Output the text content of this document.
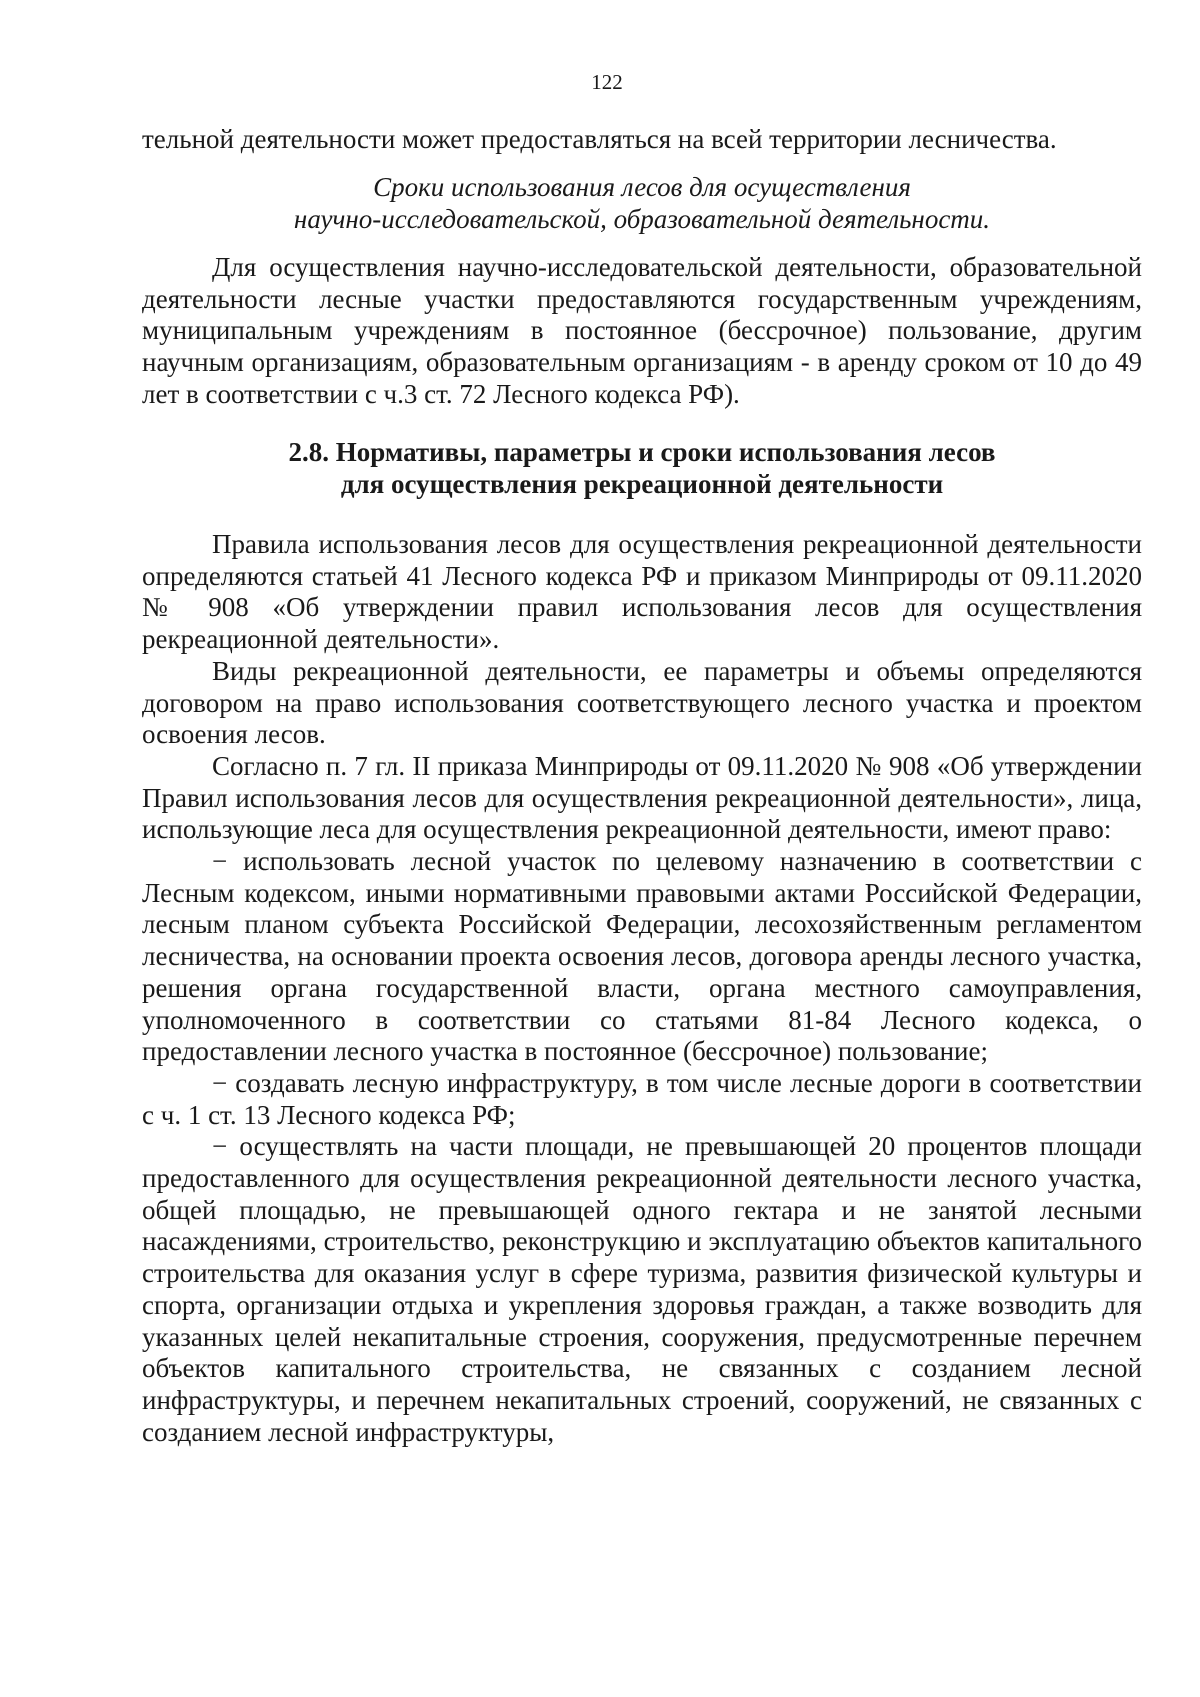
122

тельной деятельности может предоставляться на всей территории лесничества.

Сроки использования лесов для осуществления
научно-исследовательской, образовательной деятельности.

Для осуществления научно-исследовательской деятельности, образовательной деятельности лесные участки предоставляются государственным учреждениям, муниципальным учреждениям в постоянное (бессрочное) пользование, другим научным организациям, образовательным организациям - в аренду сроком от 10 до 49 лет в соответствии с ч.3 ст. 72 Лесного кодекса РФ).

2.8. Нормативы, параметры и сроки использования лесов
для осуществления рекреационной деятельности

Правила использования лесов для осуществления рекреационной деятельности определяются статьей 41 Лесного кодекса РФ и приказом Минприроды от 09.11.2020 № 908 «Об утверждении правил использования лесов для осуществления рекреационной деятельности».

Виды рекреационной деятельности, ее параметры и объемы определяются договором на право использования соответствующего лесного участка и проектом освоения лесов.

Согласно п. 7 гл. II приказа Минприроды от 09.11.2020 № 908 «Об утверждении Правил использования лесов для осуществления рекреационной деятельности», лица, использующие леса для осуществления рекреационной деятельности, имеют право:

− использовать лесной участок по целевому назначению в соответствии с Лесным кодексом, иными нормативными правовыми актами Российской Федерации, лесным планом субъекта Российской Федерации, лесохозяйственным регламентом лесничества, на основании проекта освоения лесов, договора аренды лесного участка, решения органа государственной власти, органа местного самоуправления, уполномоченного в соответствии со статьями 81-84 Лесного кодекса, о предоставлении лесного участка в постоянное (бессрочное) пользование;

− создавать лесную инфраструктуру, в том числе лесные дороги в соответствии с ч. 1 ст. 13 Лесного кодекса РФ;

− осуществлять на части площади, не превышающей 20 процентов площади предоставленного для осуществления рекреационной деятельности лесного участка, общей площадью, не превышающей одного гектара и не занятой лесными насаждениями, строительство, реконструкцию и эксплуатацию объектов капитального строительства для оказания услуг в сфере туризма, развития физической культуры и спорта, организации отдыха и укрепления здоровья граждан, а также возводить для указанных целей некапитальные строения, сооружения, предусмотренные перечнем объектов капитального строительства, не связанных с созданием лесной инфраструктуры, и перечнем некапитальных строений, сооружений, не связанных с созданием лесной инфраструктуры,
